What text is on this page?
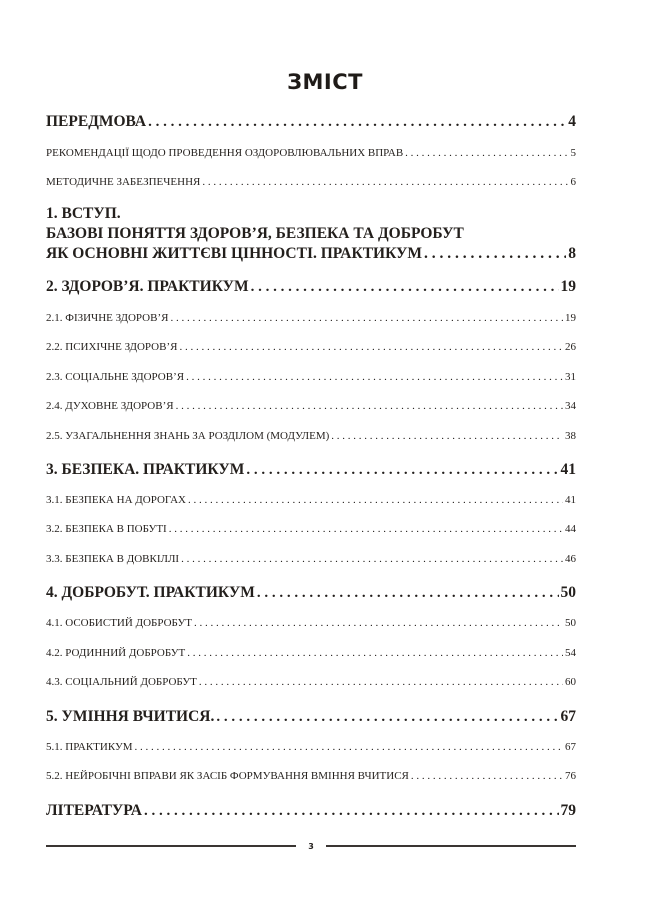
ЗМІСТ
ПЕРЕДМОВА . . .	4
РЕКОМЕНДАЦІЇ ЩОДО ПРОВЕДЕННЯ ОЗДОРОВЛЮВАЛЬНИХ ВПРАВ . . .	5
МЕТОДИЧНЕ ЗАБЕЗПЕЧЕННЯ . . .	6
1. ВСТУП.
БАЗОВІ ПОНЯТТЯ ЗДОРОВ’Я, БЕЗПЕКА ТА ДОБРОБУТ
ЯК ОСНОВНІ ЖИТТЄВІ ЦІННОСТІ. ПРАКТИКУМ . . .	8
2. ЗДОРОВ’Я. ПРАКТИКУМ . . .	19
2.1. ФІЗИЧНЕ ЗДОРОВ’Я . . .	19
2.2. ПСИХІЧНЕ ЗДОРОВ’Я . . .	26
2.3. СОЦІАЛЬНЕ ЗДОРОВ’Я . . .	31
2.4. ДУХОВНЕ ЗДОРОВ’Я . . .	34
2.5. УЗАГАЛЬНЕННЯ ЗНАНЬ ЗА РОЗДІЛОМ (МОДУЛЕМ) . . .	38
3. БЕЗПЕКА. ПРАКТИКУМ . . .	41
3.1. БЕЗПЕКА НА ДОРОГАХ . . .	41
3.2. БЕЗПЕКА В ПОБУТІ . . .	44
3.3. БЕЗПЕКА В ДОВКІЛЛІ . . .	46
4. ДОБРОБУТ. ПРАКТИКУМ . . .	50
4.1. ОСОБИСТИЙ ДОБРОБУТ . . .	50
4.2. РОДИННИЙ ДОБРОБУТ . . .	54
4.3. СОЦІАЛЬНИЙ ДОБРОБУТ . . .	60
5. УМІННЯ ВЧИТИСЯ. . . .	67
5.1. ПРАКТИКУМ . . .	67
5.2. НЕЙРОБІЧНІ ВПРАВИ ЯК ЗАСІБ ФОРМУВАННЯ ВМІННЯ ВЧИТИСЯ . . .	76
ЛІТЕРАТУРА . . .	79
3
